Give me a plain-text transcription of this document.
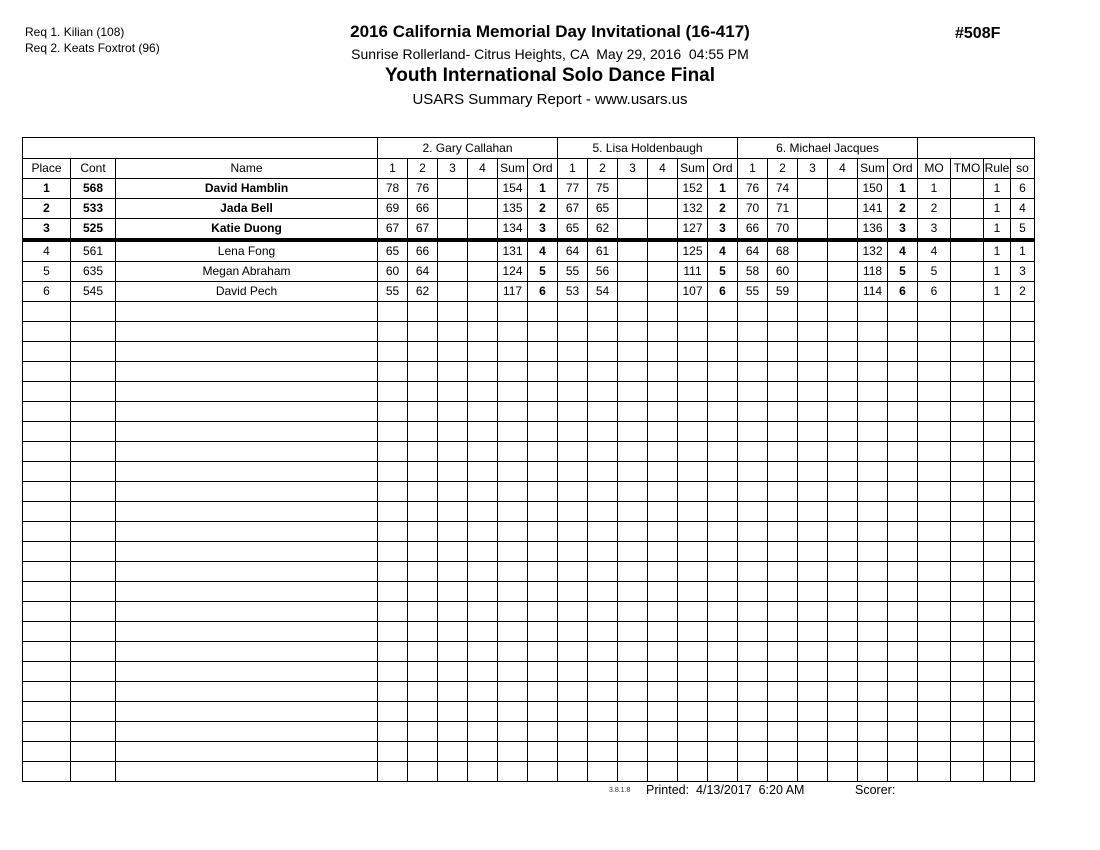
Req 1. Kilian (108)
Req 2. Keats Foxtrot (96)
#508F
2016 California Memorial Day Invitational (16-417)
Sunrise Rollerland- Citrus Heights, CA  May 29, 2016  04:55 PM
Youth International Solo Dance Final
USARS Summary Report - www.usars.us
			2. Gary Callahan						5. Lisa Holdenbaugh						6. Michael Jacques									
Place	Cont	Name	1	2	3	4	Sum	Ord	1	2	3	4	Sum	Ord	1	2	3	4	Sum	Ord	MO	TMO	Rule	so
1	568	David Hamblin	78	76			154	1	77	75			152	1	76	74			150	1	1		1	6
2	533	Jada Bell	69	66			135	2	67	65			132	2	70	71			141	2	2		1	4
3	525	Katie Duong	67	67			134	3	65	62			127	3	66	70			136	3	3		1	5
4	561	Lena Fong	65	66			131	4	64	61			125	4	64	68			132	4	4		1	1
5	635	Megan Abraham	60	64			124	5	55	56			111	5	58	60			118	5	5		1	3
6	545	David Pech	55	62			117	6	53	54			107	6	55	59			114	6	6		1	2

3.8.1.8 Printed:  4/13/2017  6:20 AM	Scorer:
